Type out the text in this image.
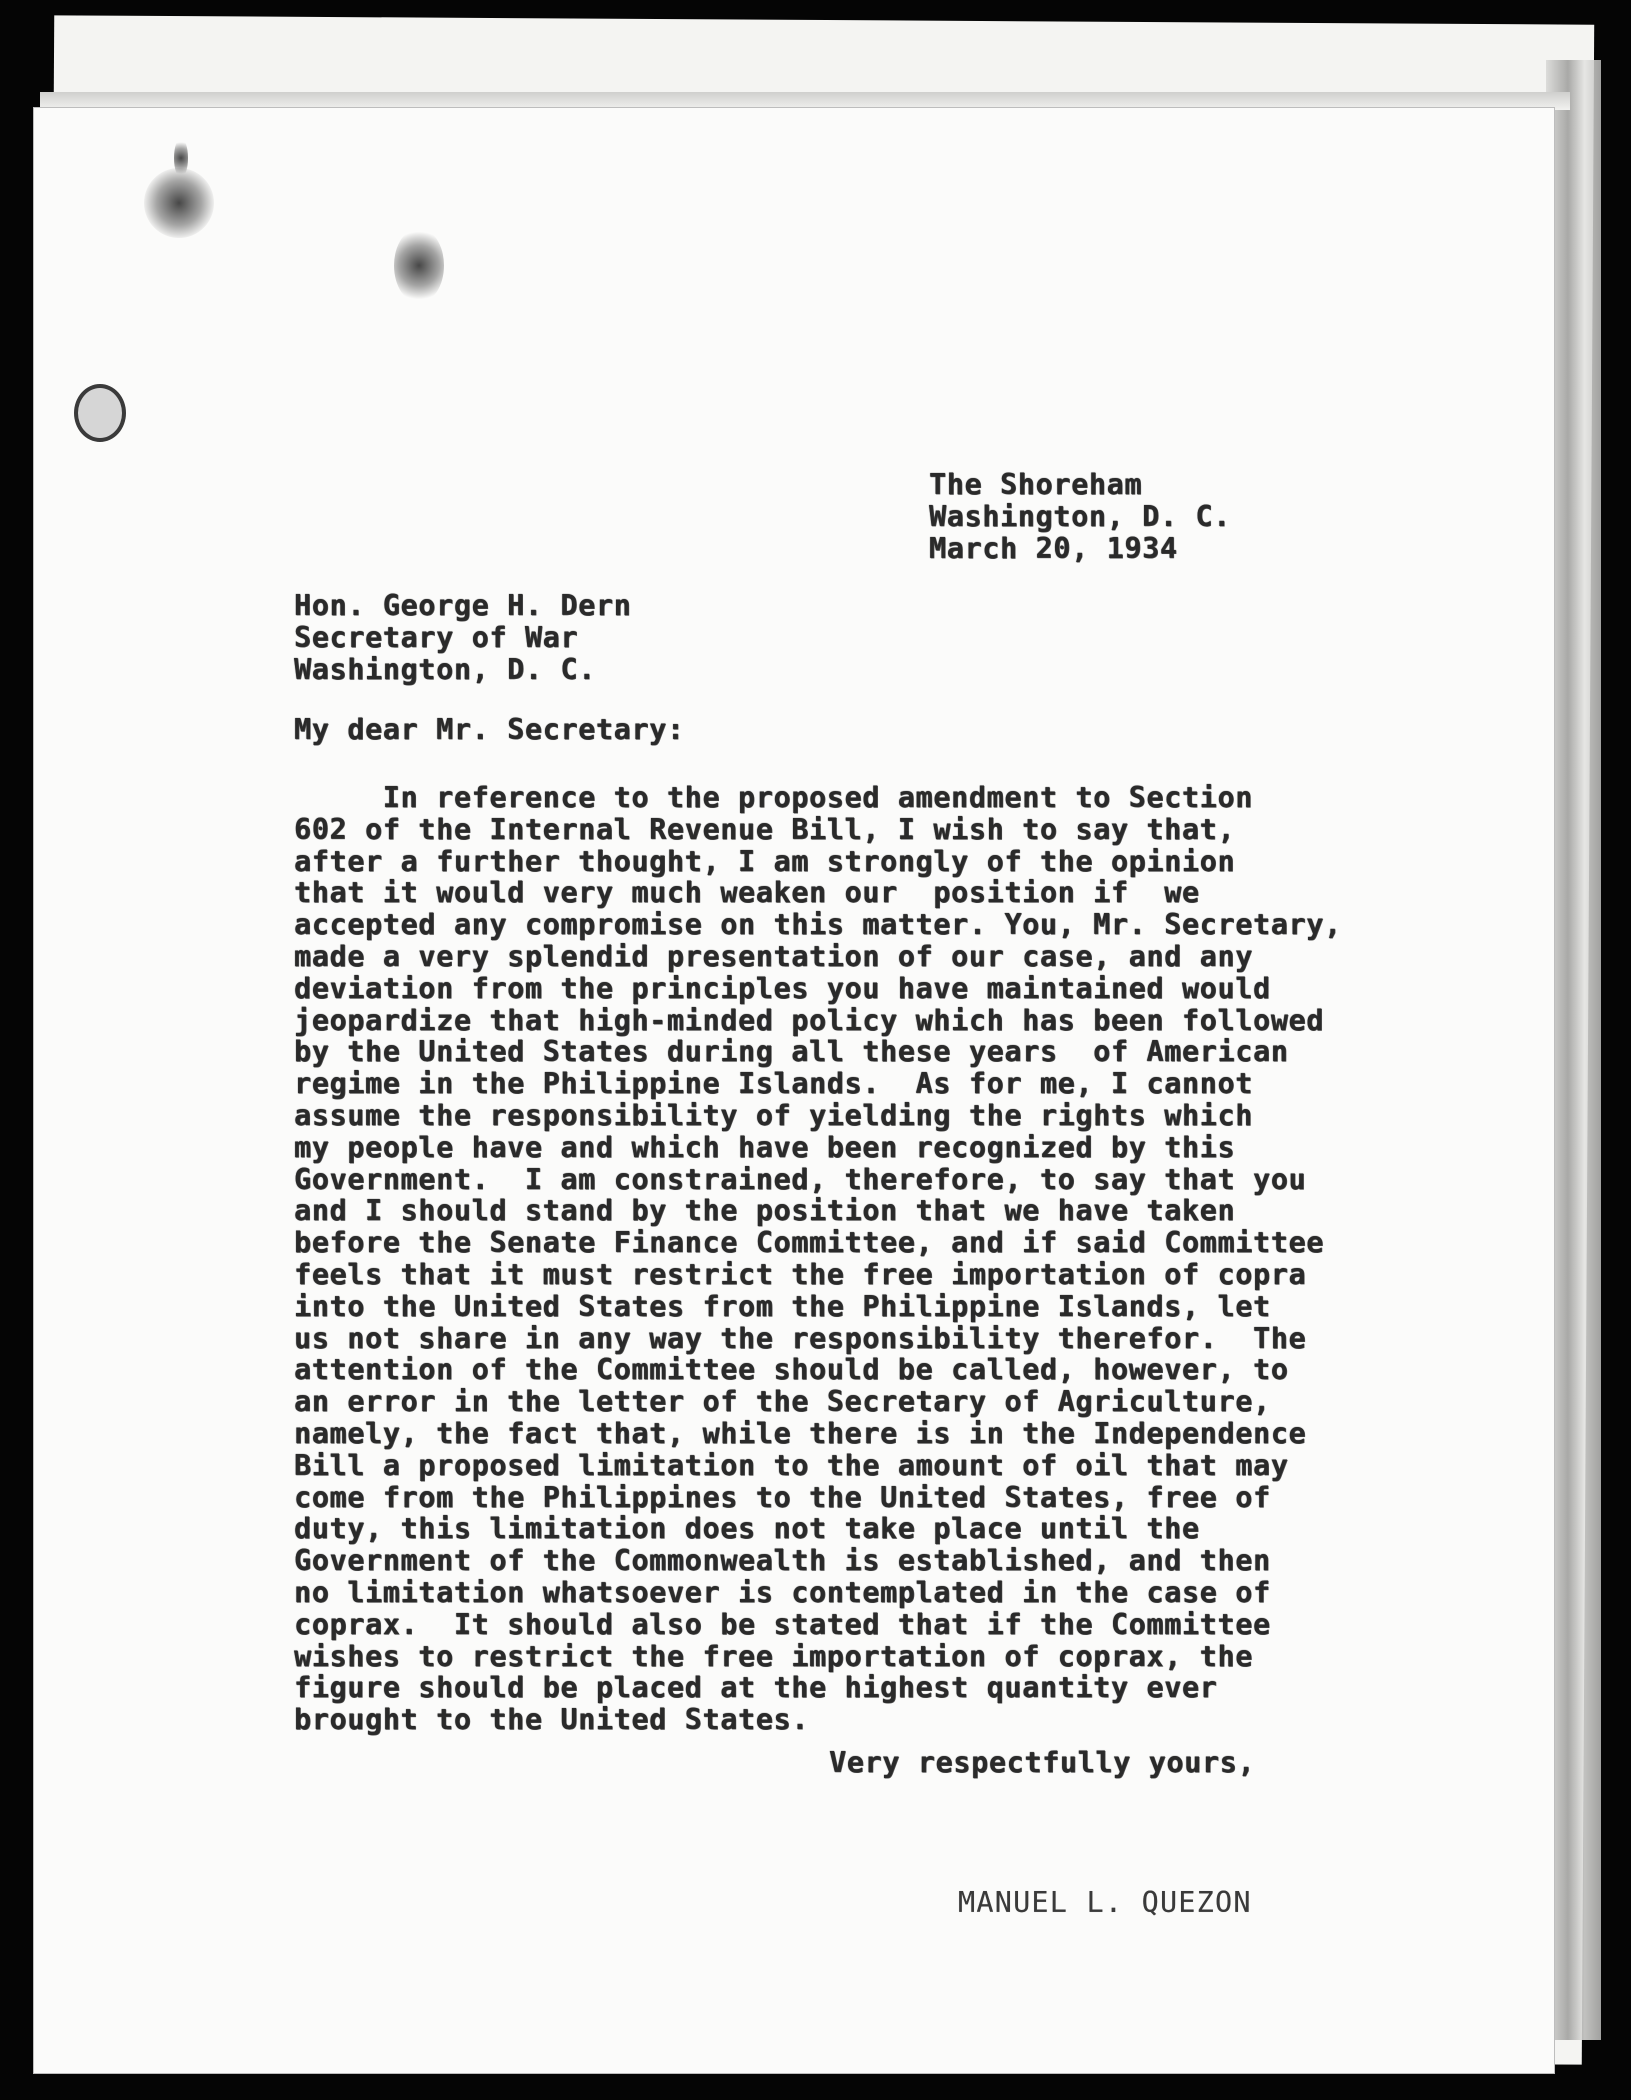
The Shoreham
Washington, D. C.
March 20, 1934
Hon. George H. Dern
Secretary of War
Washington, D. C.
My dear Mr. Secretary:
In reference to the proposed amendment to Section
602 of the Internal Revenue Bill, I wish to say that,
after a further thought, I am strongly of the opinion
that it would very much weaken our  position if  we
accepted any compromise on this matter. You, Mr. Secretary,
made a very splendid presentation of our case, and any
deviation from the principles you have maintained would
jeopardize that high-minded policy which has been followed
by the United States during all these years  of American
regime in the Philippine Islands.  As for me, I cannot
assume the responsibility of yielding the rights which
my people have and which have been recognized by this
Government.  I am constrained, therefore, to say that you
and I should stand by the position that we have taken
before the Senate Finance Committee, and if said Committee
feels that it must restrict the free importation of copra
into the United States from the Philippine Islands, let
us not share in any way the responsibility therefor.  The
attention of the Committee should be called, however, to
an error in the letter of the Secretary of Agriculture,
namely, the fact that, while there is in the Independence
Bill a proposed limitation to the amount of oil that may
come from the Philippines to the United States, free of
duty, this limitation does not take place until the
Government of the Commonwealth is established, and then
no limitation whatsoever is contemplated in the case of
coprax.  It should also be stated that if the Committee
wishes to restrict the free importation of coprax, the
figure should be placed at the highest quantity ever
brought to the United States.
Very respectfully yours,
MANUEL L. QUEZON
